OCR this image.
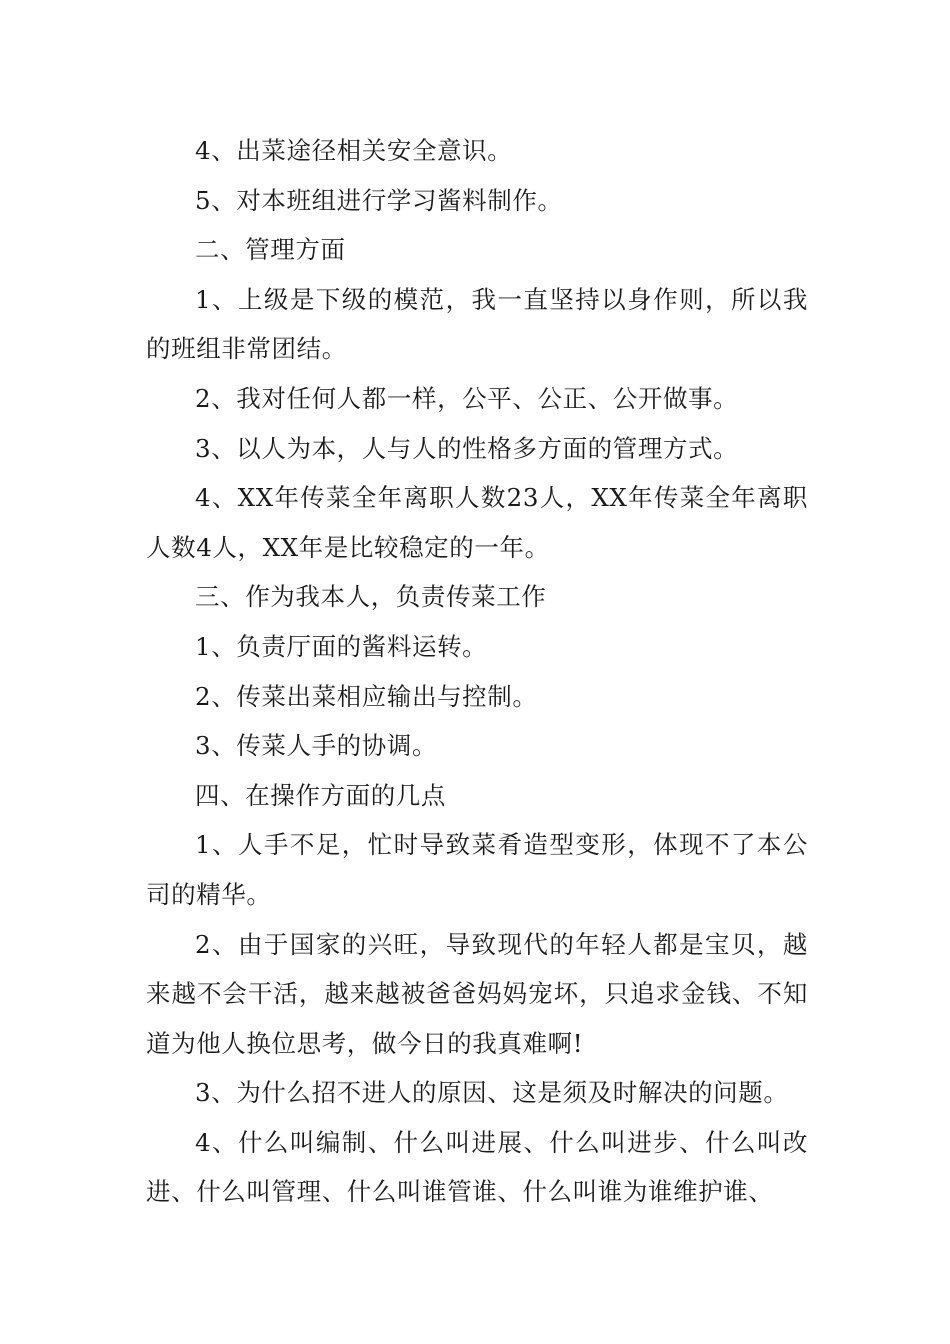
4、出菜途径相关安全意识。

5、对本班组进行学习酱料制作。

二、管理方面

1、上级是下级的模范，我一直坚持以身作则，所以我的班组非常团结。

2、我对任何人都一样，公平、公正、公开做事。

3、以人为本，人与人的性格多方面的管理方式。

4、XX年传菜全年离职人数23人，XX年传菜全年离职人数4人，XX年是比较稳定的一年。

三、作为我本人，负责传菜工作

1、负责厅面的酱料运转。

2、传菜出菜相应输出与控制。

3、传菜人手的协调。

四、在操作方面的几点

1、人手不足，忙时导致菜肴造型变形，体现不了本公司的精华。

2、由于国家的兴旺，导致现代的年轻人都是宝贝，越来越不会干活，越来越被爸爸妈妈宠坏，只追求金钱、不知道为他人换位思考，做今日的我真难啊!

3、为什么招不进人的原因、这是须及时解决的问题。

4、什么叫编制、什么叫进展、什么叫进步、什么叫改进、什么叫管理、什么叫谁管谁、什么叫谁为谁维护谁、
